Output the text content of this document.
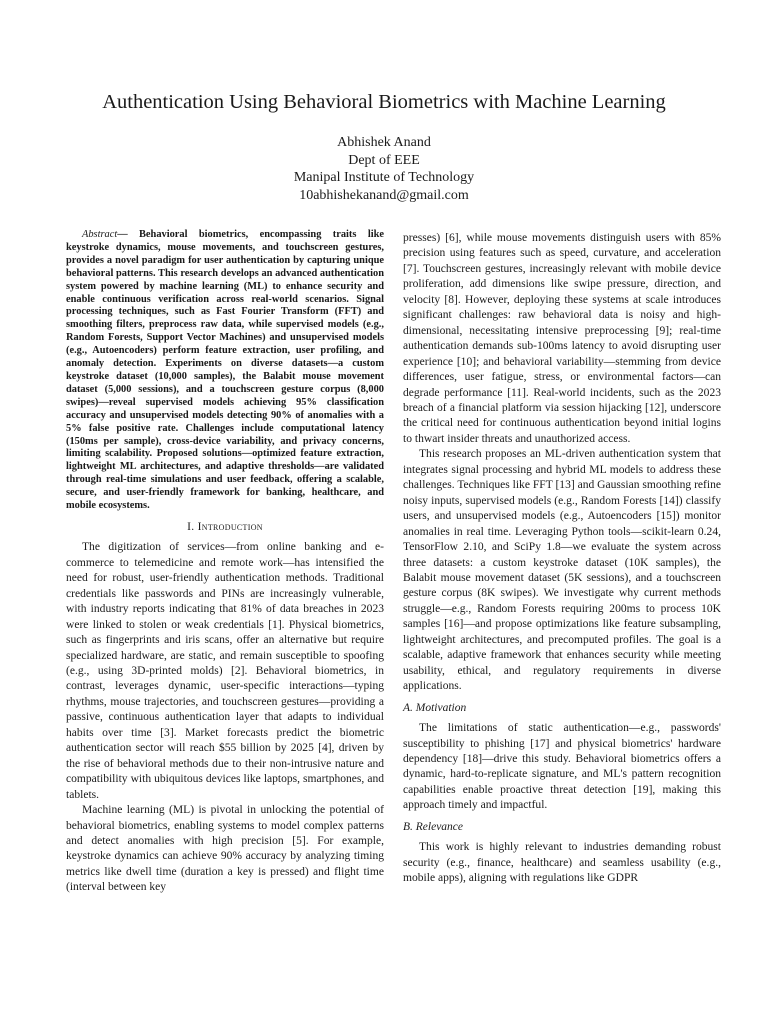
Authentication Using Behavioral Biometrics with Machine Learning
Abhishek Anand
Dept of EEE
Manipal Institute of Technology
10abhishekanand@gmail.com
Abstract— Behavioral biometrics, encompassing traits like keystroke dynamics, mouse movements, and touchscreen gestures, provides a novel paradigm for user authentication by capturing unique behavioral patterns. This research develops an advanced authentication system powered by machine learning (ML) to enhance security and enable continuous verification across real-world scenarios. Signal processing techniques, such as Fast Fourier Transform (FFT) and smoothing filters, preprocess raw data, while supervised models (e.g., Random Forests, Support Vector Machines) and unsupervised models (e.g., Autoencoders) perform feature extraction, user profiling, and anomaly detection. Experiments on diverse datasets—a custom keystroke dataset (10,000 samples), the Balabit mouse movement dataset (5,000 sessions), and a touchscreen gesture corpus (8,000 swipes)—reveal supervised models achieving 95% classification accuracy and unsupervised models detecting 90% of anomalies with a 5% false positive rate. Challenges include computational latency (150ms per sample), cross-device variability, and privacy concerns, limiting scalability. Proposed solutions—optimized feature extraction, lightweight ML architectures, and adaptive thresholds—are validated through real-time simulations and user feedback, offering a scalable, secure, and user-friendly framework for banking, healthcare, and mobile ecosystems.
I. Introduction

The digitization of services—from online banking and e-commerce to telemedicine and remote work—has intensified the need for robust, user-friendly authentication methods. Traditional credentials like passwords and PINs are increasingly vulnerable, with industry reports indicating that 81% of data breaches in 2023 were linked to stolen or weak credentials [1]. Physical biometrics, such as fingerprints and iris scans, offer an alternative but require specialized hardware, are static, and remain susceptible to spoofing (e.g., using 3D-printed molds) [2]. Behavioral biometrics, in contrast, leverages dynamic, user-specific interactions—typing rhythms, mouse trajectories, and touchscreen gestures—providing a passive, continuous authentication layer that adapts to individual habits over time [3]. Market forecasts predict the biometric authentication sector will reach $55 billion by 2025 [4], driven by the rise of behavioral methods due to their non-intrusive nature and compatibility with ubiquitous devices like laptops, smartphones, and tablets.

Machine learning (ML) is pivotal in unlocking the potential of behavioral biometrics, enabling systems to model complex patterns and detect anomalies with high precision [5]. For example, keystroke dynamics can achieve 90% accuracy by analyzing timing metrics like dwell time (duration a key is pressed) and flight time (interval between key

presses) [6], while mouse movements distinguish users with 85% precision using features such as speed, curvature, and acceleration [7]. Touchscreen gestures, increasingly relevant with mobile device proliferation, add dimensions like swipe pressure, direction, and velocity [8]. However, deploying these systems at scale introduces significant challenges: raw behavioral data is noisy and high-dimensional, necessitating intensive preprocessing [9]; real-time authentication demands sub-100ms latency to avoid disrupting user experience [10]; and behavioral variability—stemming from device differences, user fatigue, stress, or environmental factors—can degrade performance [11]. Real-world incidents, such as the 2023 breach of a financial platform via session hijacking [12], underscore the critical need for continuous authentication beyond initial logins to thwart insider threats and unauthorized access.

This research proposes an ML-driven authentication system that integrates signal processing and hybrid ML models to address these challenges. Techniques like FFT [13] and Gaussian smoothing refine noisy inputs, supervised models (e.g., Random Forests [14]) classify users, and unsupervised models (e.g., Autoencoders [15]) monitor anomalies in real time. Leveraging Python tools—scikit-learn 0.24, TensorFlow 2.10, and SciPy 1.8—we evaluate the system across three datasets: a custom keystroke dataset (10K samples), the Balabit mouse movement dataset (5K sessions), and a touchscreen gesture corpus (8K swipes). We investigate why current methods struggle—e.g., Random Forests requiring 200ms to process 10K samples [16]—and propose optimizations like feature subsampling, lightweight architectures, and precomputed profiles. The goal is a scalable, adaptive framework that enhances security while meeting usability, ethical, and regulatory requirements in diverse applications.

A. Motivation

The limitations of static authentication—e.g., passwords' susceptibility to phishing [17] and physical biometrics' hardware dependency [18]—drive this study. Behavioral biometrics offers a dynamic, hard-to-replicate signature, and ML's pattern recognition capabilities enable proactive threat detection [19], making this approach timely and impactful.

B. Relevance

This work is highly relevant to industries demanding robust security (e.g., finance, healthcare) and seamless usability (e.g., mobile apps), aligning with regulations like GDPR
